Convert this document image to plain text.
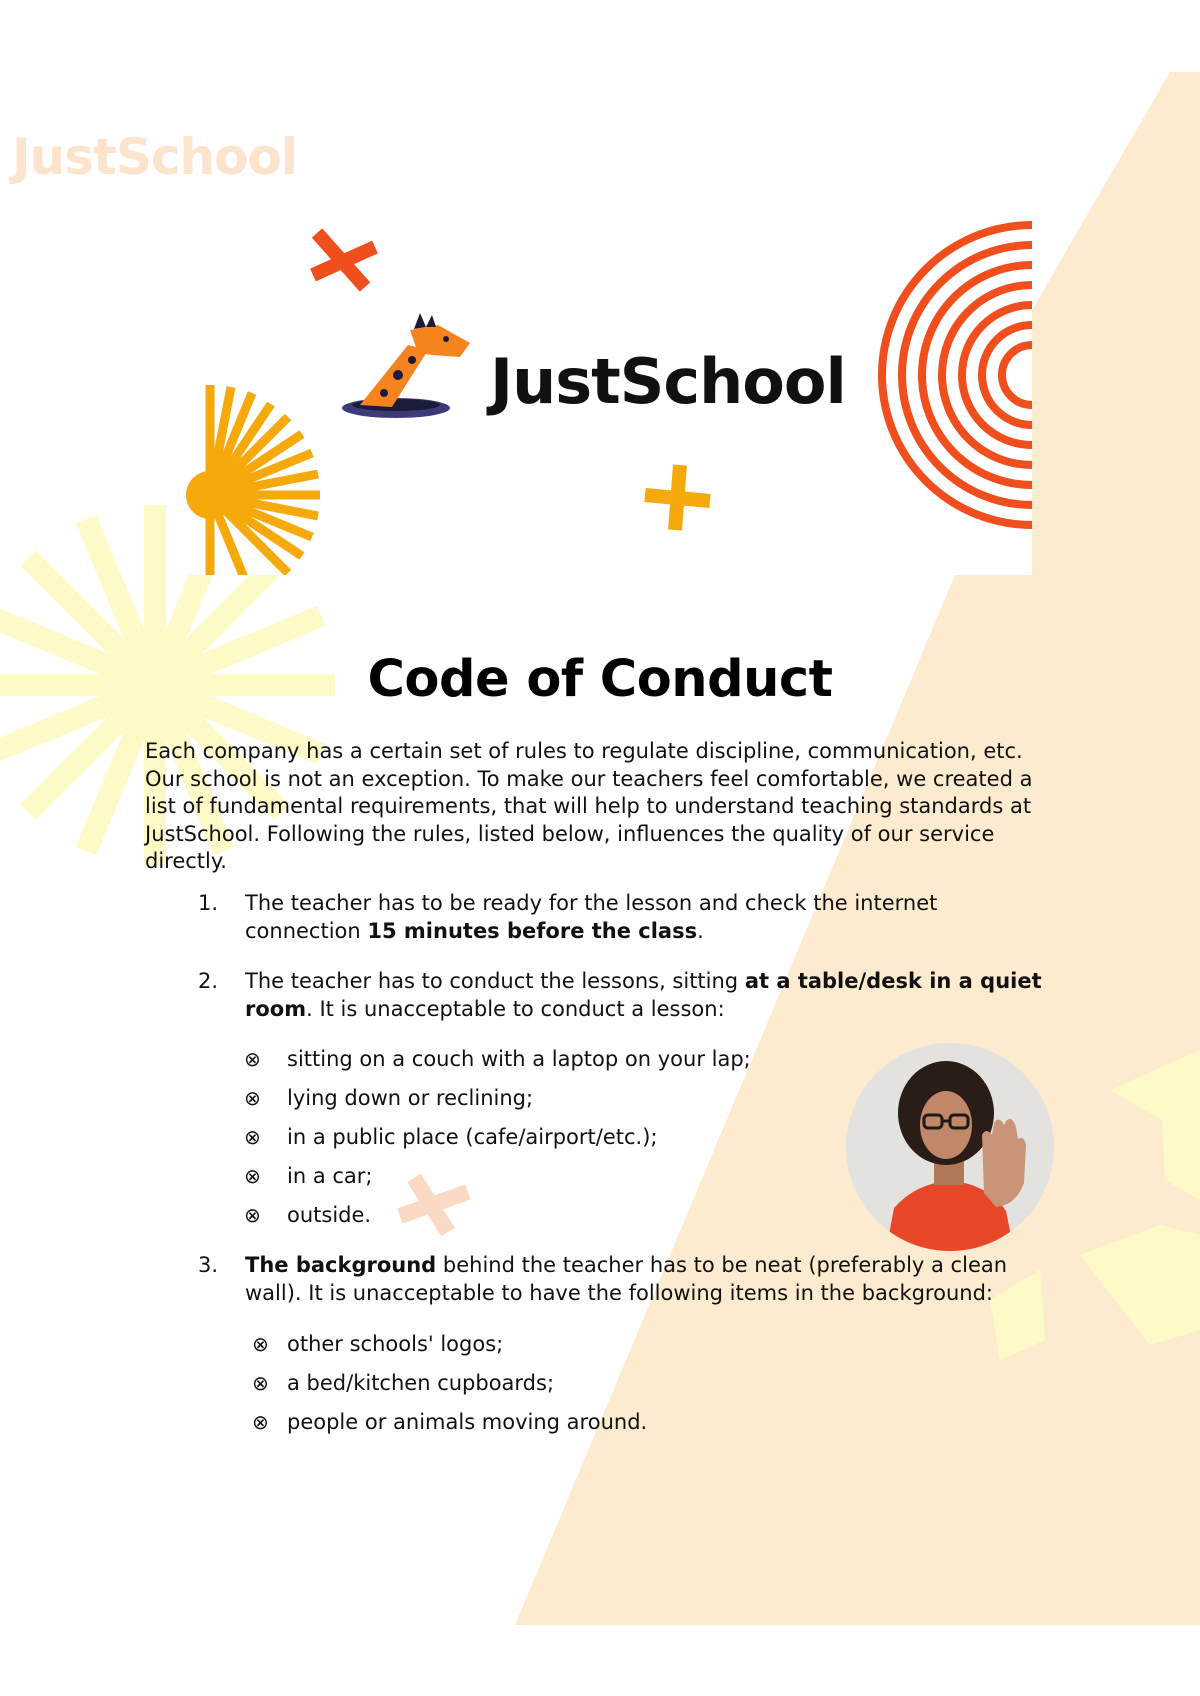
JustSchool
JustSchool
Code of Conduct

Each company has a certain set of rules to regulate discipline, communication, etc. Our school is not an exception. To make our teachers feel comfortable, we created a list of fundamental requirements, that will help to understand teaching standards at JustSchool. Following the rules, listed below, influences the quality of our service directly.

1. The teacher has to be ready for the lesson and check the internet connection 15 minutes before the class.
2. The teacher has to conduct the lessons, sitting at a table/desk in a quiet room. It is unacceptable to conduct a lesson:
⊗ sitting on a couch with a laptop on your lap;
⊗ lying down or reclining;
⊗ in a public place (cafe/airport/etc.);
⊗ in a car;
⊗ outside.
3. The background behind the teacher has to be neat (preferably a clean wall). It is unacceptable to have the following items in the background:
⊗ other schools' logos;
⊗ a bed/kitchen cupboards;
⊗ people or animals moving around.
